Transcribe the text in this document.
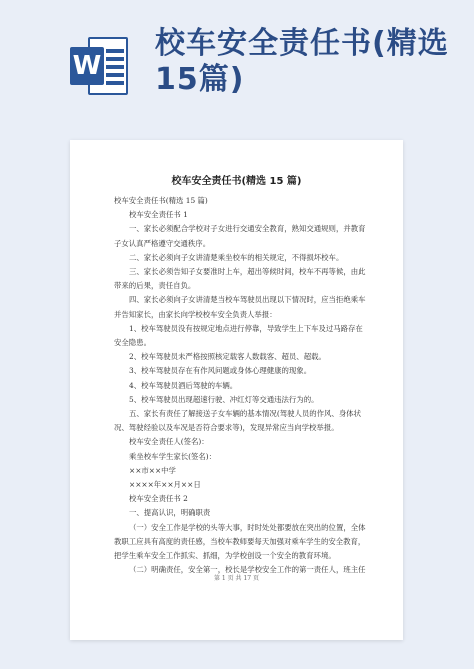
W
校车安全责任书(精选15篇)
校车安全责任书(精选 15 篇)

校车安全责任书(精选 15 篇)

校车安全责任书 1

一、家长必须配合学校对子女进行交通安全教育，熟知交通规则，并教育子女认真严格遵守交通秩序。

二、家长必须向子女讲清楚乘坐校车的相关规定，不得损坏校车。

三、家长必须告知子女要准时上车，超出等候时间，校车不再等候，由此带来的后果，责任自负。

四、家长必须向子女讲清楚当校车驾驶员出现以下情况时，应当拒绝乘车并告知家长，由家长向学校校车安全负责人举报：

1、校车驾驶员没有按规定地点进行停靠，导致学生上下车及过马路存在安全隐患。

2、校车驾驶员未严格按照核定载客人数载客、超员、超载。

3、校车驾驶员存在有作风问题或身体心理健康的现象。

4、校车驾驶员酒后驾驶的车辆。

5、校车驾驶员出现超速行驶、冲红灯等交通违法行为的。

五、家长有责任了解接送子女车辆的基本情况(驾驶人员的作风、身体状况、驾驶经验以及车况是否符合要求等)，发现异常应当向学校举报。

校车安全责任人(签名)：

乘坐校车学生家长(签名)：

××市××中学

××××年××月××日

校车安全责任书 2

一、提高认识，明确职责

（一）安全工作是学校的头等大事，时时处处都要放在突出的位置，全体教职工应具有高度的责任感，当校车教师要每天加强对乘车学生的安全教育，把学生乘车安全工作抓实、抓细，为学校创设一个安全的教育环境。

（二）明确责任，安全第一，校长是学校安全工作的第一责任人，班主任

第 1 页 共 17 页
